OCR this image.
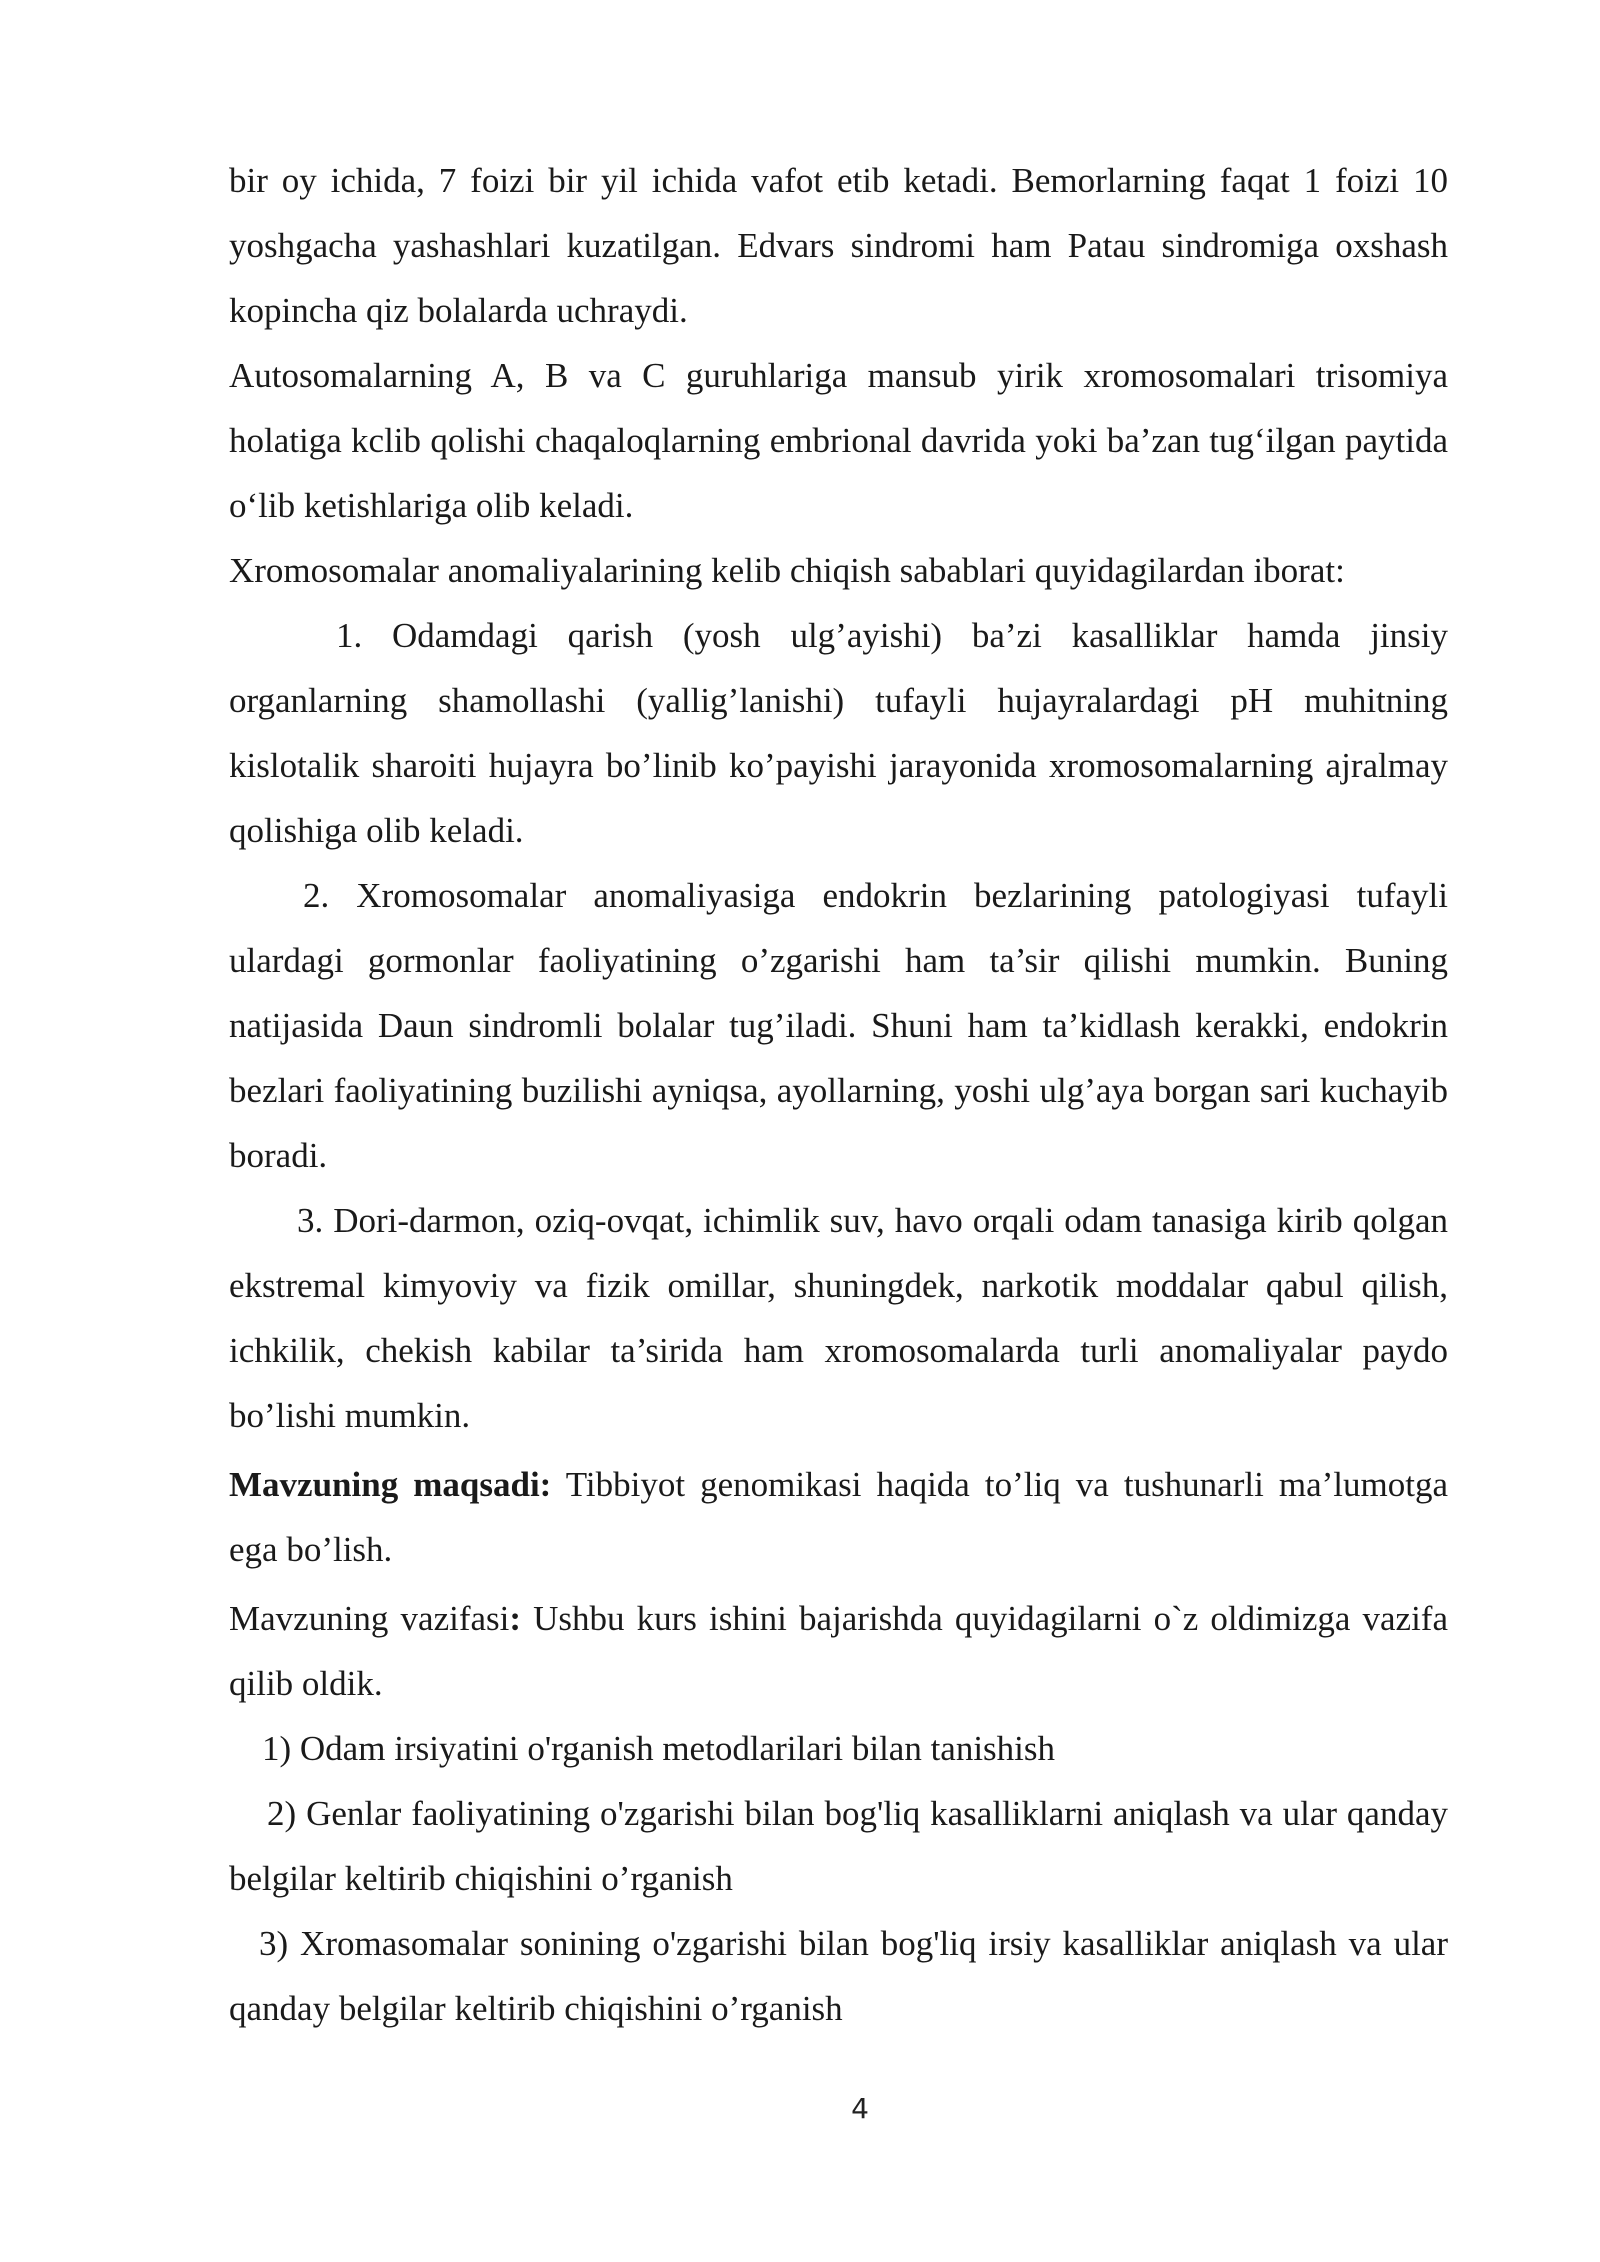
bir oy ichida, 7 foizi bir yil ichida vafot etib ketadi. Bemorlarning faqat 1 foizi 10 yoshgacha yashashlari kuzatilgan. Edvars sindromi ham Patau sindromiga oxshash kopincha qiz bolalarda uchraydi.

Autosomalarning A, B va C guruhlariga mansub yirik xromosomalari trisomiya holatiga kclib qolishi chaqaloqlarning embrional davrida yoki ba’zan tug‘ilgan paytida o‘lib ketishlariga olib keladi.

Xromosomalar anomaliyalarining kelib chiqish sabablari quyidagilardan iborat:

1. Odamdagi qarish (yosh ulg’ayishi) ba’zi kasalliklar hamda jinsiy organlarning shamollashi (yallig’lanishi) tufayli hujayralardagi pH muhitning kislotalik sharoiti hujayra bo’linib ko’payishi jarayonida xromosomalarning ajralmay qolishiga olib keladi.

2. Xromosomalar anomaliyasiga endokrin bezlarining patologiyasi tufayli ulardagi gormonlar faoliyatining o’zgarishi ham ta’sir qilishi mumkin. Buning natijasida Daun sindromli bolalar tug’iladi. Shuni ham ta’kidlash kerakki, endokrin bezlari faoliyatining buzilishi ayniqsa, ayollarning, yoshi ulg’aya borgan sari kuchayib boradi.

3. Dori-darmon, oziq-ovqat, ichimlik suv, havo orqali odam tanasiga kirib qolgan ekstremal kimyoviy va fizik omillar, shuningdek, narkotik moddalar qabul qilish, ichkilik, chekish kabilar ta’sirida ham xromosomalarda turli anomaliyalar paydo bo’lishi mumkin.

Mavzuning maqsadi: Tibbiyot genomikasi haqida to’liq va tushunarli ma’lumotga ega bo’lish.

Mavzuning vazifasi: Ushbu kurs ishini bajarishda quyidagilarni o`z oldimizga vazifa qilib oldik.

1) Odam irsiyatini o'rganish metodlarilari bilan tanishish

2) Genlar faoliyatining o'zgarishi bilan bog'liq kasalliklarni aniqlash va ular qanday belgilar keltirib chiqishini o’rganish

3) Xromasomalar sonining o'zgarishi bilan bog'liq irsiy kasalliklar aniqlash va ular qanday belgilar keltirib chiqishini o’rganish

4
